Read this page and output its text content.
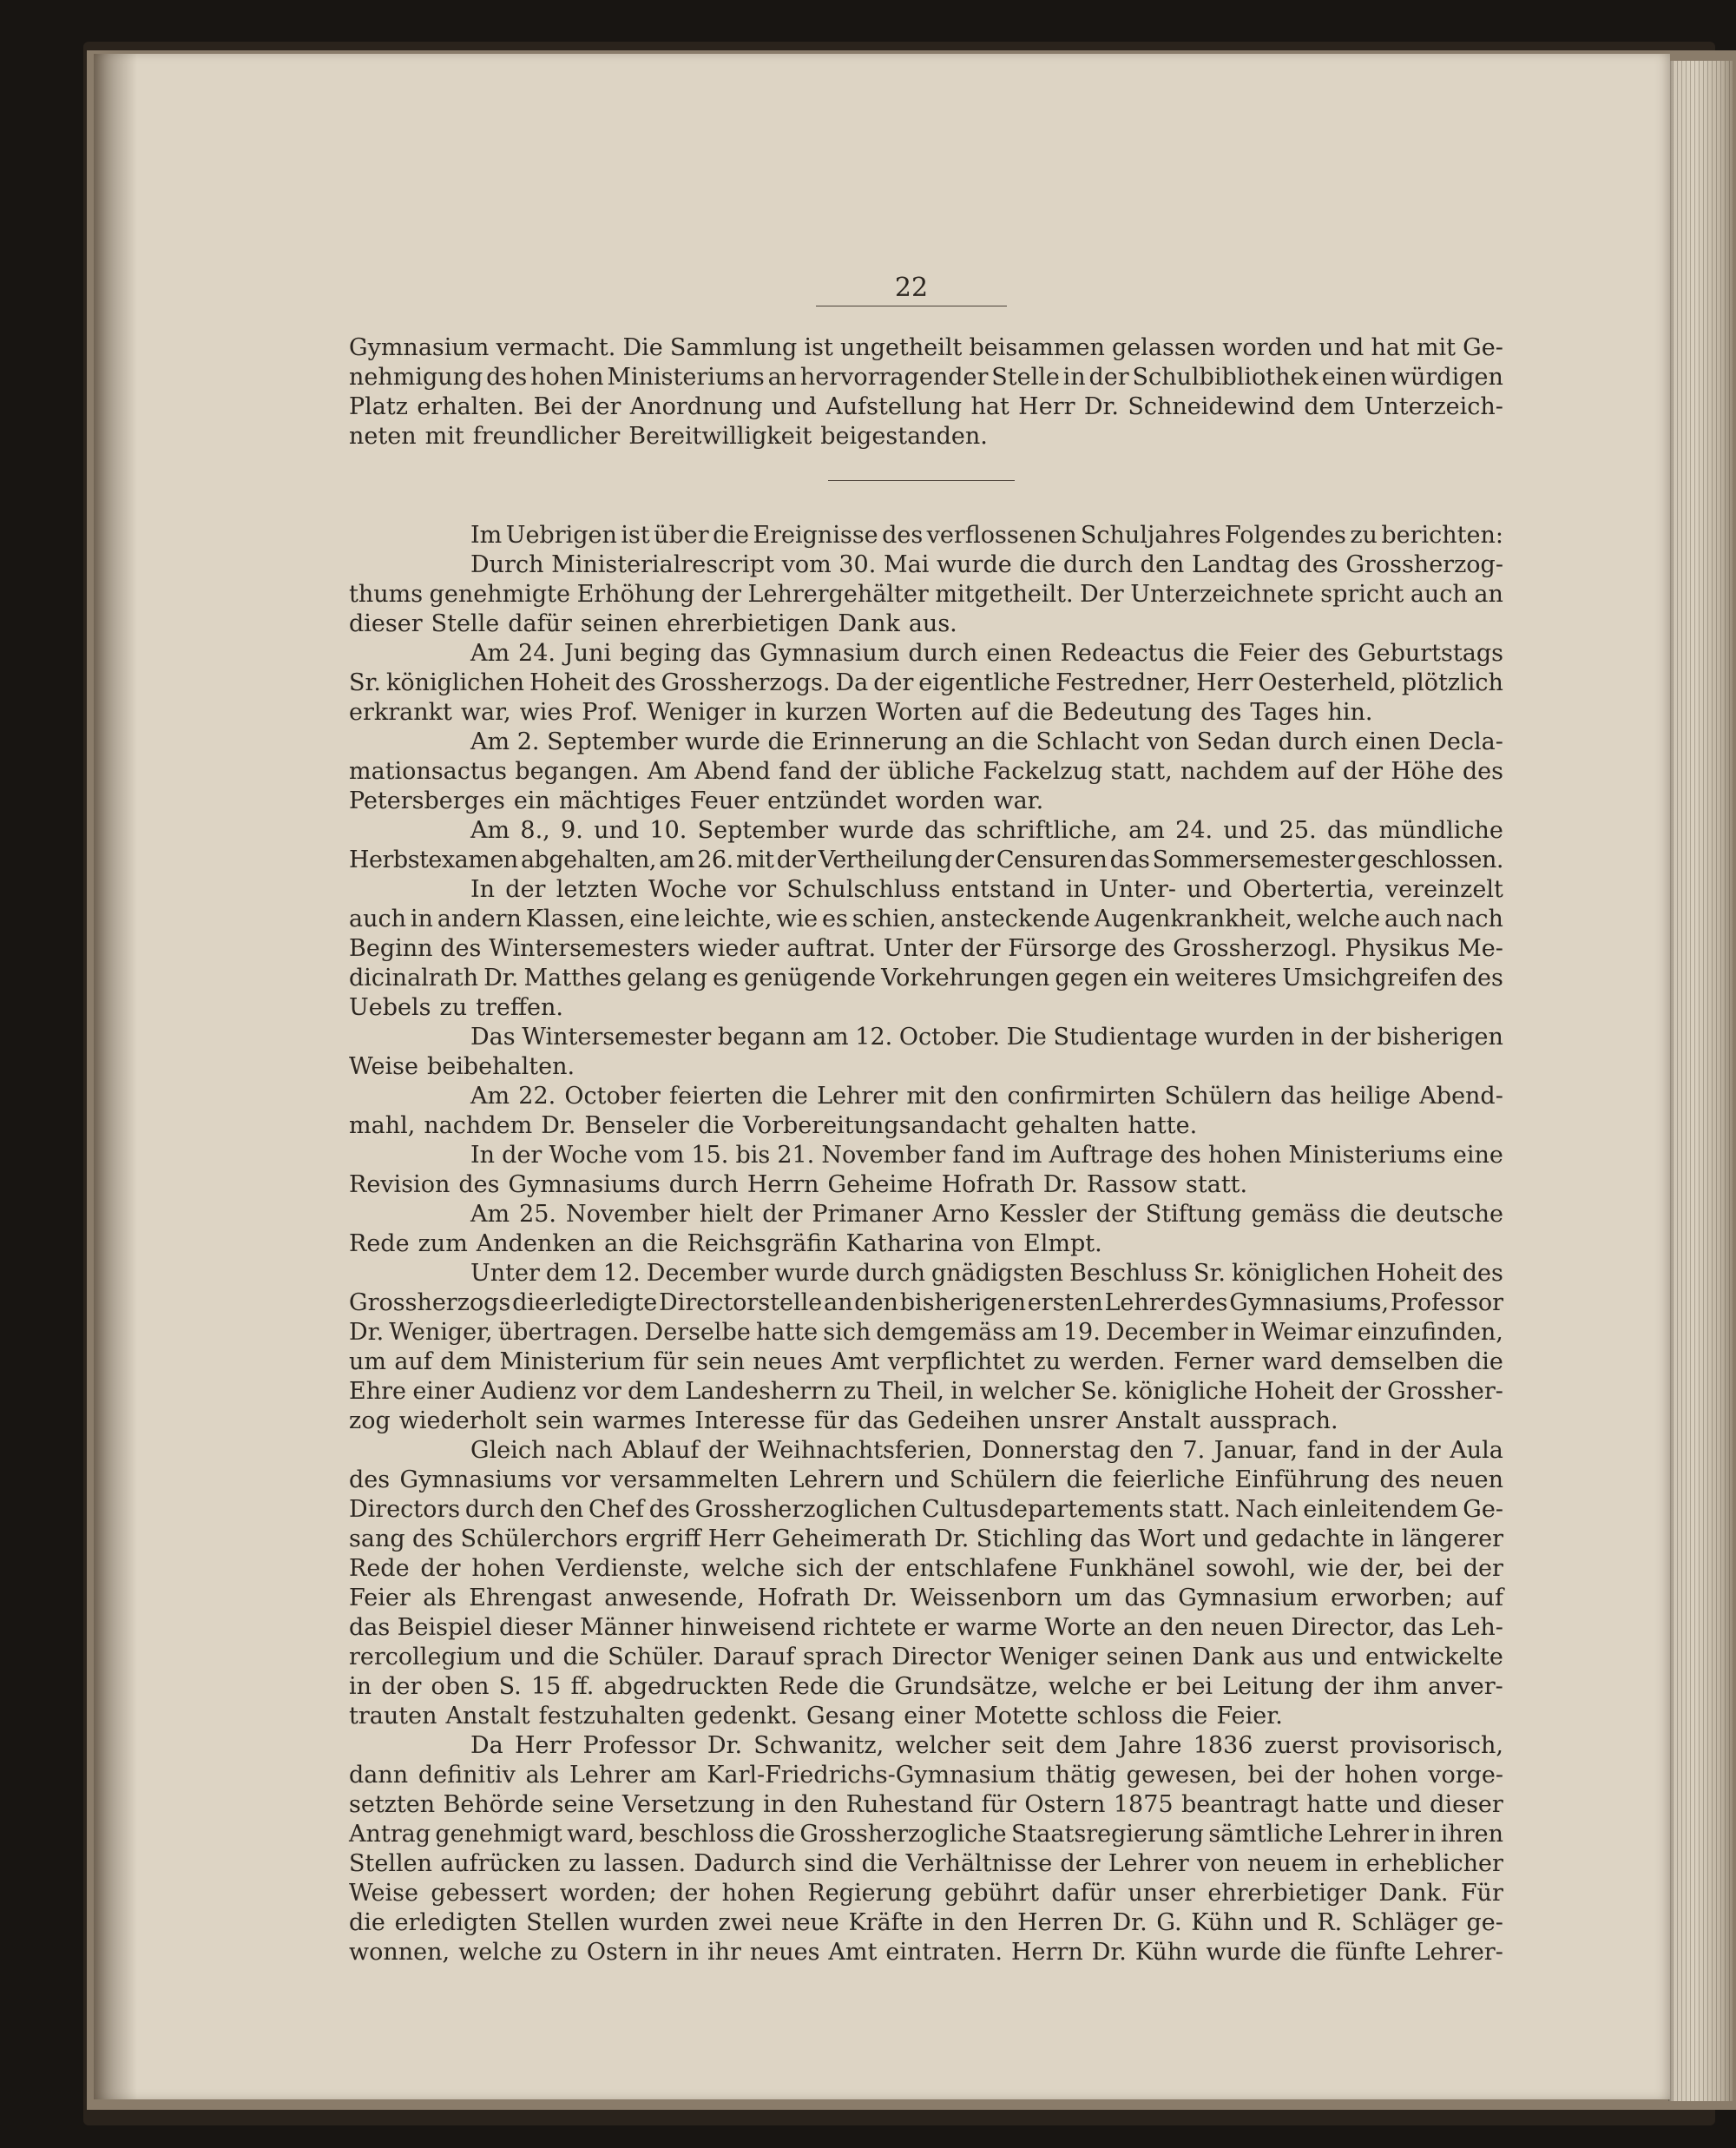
22
Gymnasium vermacht. Die Sammlung ist ungetheilt beisammen gelassen worden und hat mit Ge-
nehmigung des hohen Ministeriums an hervorragender Stelle in der Schulbibliothek einen würdigen
Platz erhalten. Bei der Anordnung und Aufstellung hat Herr Dr. Schneidewind dem Unterzeich-
neten mit freundlicher Bereitwilligkeit beigestanden.
Im Uebrigen ist über die Ereignisse des verflossenen Schuljahres Folgendes zu berichten:
Durch Ministerialrescript vom 30. Mai wurde die durch den Landtag des Grossherzog-
thums genehmigte Erhöhung der Lehrergehälter mitgetheilt. Der Unterzeichnete spricht auch an
dieser Stelle dafür seinen ehrerbietigen Dank aus.
Am 24. Juni beging das Gymnasium durch einen Redeactus die Feier des Geburtstags
Sr. königlichen Hoheit des Grossherzogs. Da der eigentliche Festredner, Herr Oesterheld, plötzlich
erkrankt war, wies Prof. Weniger in kurzen Worten auf die Bedeutung des Tages hin.
Am 2. September wurde die Erinnerung an die Schlacht von Sedan durch einen Decla-
mationsactus begangen. Am Abend fand der übliche Fackelzug statt, nachdem auf der Höhe des
Petersberges ein mächtiges Feuer entzündet worden war.
Am 8., 9. und 10. September wurde das schriftliche, am 24. und 25. das mündliche
Herbstexamen abgehalten, am 26. mit der Vertheilung der Censuren das Sommersemester geschlossen.
In der letzten Woche vor Schulschluss entstand in Unter- und Obertertia, vereinzelt
auch in andern Klassen, eine leichte, wie es schien, ansteckende Augenkrankheit, welche auch nach
Beginn des Wintersemesters wieder auftrat. Unter der Fürsorge des Grossherzogl. Physikus Me-
dicinalrath Dr. Matthes gelang es genügende Vorkehrungen gegen ein weiteres Umsichgreifen des
Uebels zu treffen.
Das Wintersemester begann am 12. October. Die Studientage wurden in der bisherigen
Weise beibehalten.
Am 22. October feierten die Lehrer mit den confirmirten Schülern das heilige Abend-
mahl, nachdem Dr. Benseler die Vorbereitungsandacht gehalten hatte.
In der Woche vom 15. bis 21. November fand im Auftrage des hohen Ministeriums eine
Revision des Gymnasiums durch Herrn Geheime Hofrath Dr. Rassow statt.
Am 25. November hielt der Primaner Arno Kessler der Stiftung gemäss die deutsche
Rede zum Andenken an die Reichsgräfin Katharina von Elmpt.
Unter dem 12. December wurde durch gnädigsten Beschluss Sr. königlichen Hoheit des
Grossherzogs die erledigte Directorstelle an den bisherigen ersten Lehrer des Gymnasiums, Professor
Dr. Weniger, übertragen. Derselbe hatte sich demgemäss am 19. December in Weimar einzufinden,
um auf dem Ministerium für sein neues Amt verpflichtet zu werden. Ferner ward demselben die
Ehre einer Audienz vor dem Landesherrn zu Theil, in welcher Se. königliche Hoheit der Grossher-
zog wiederholt sein warmes Interesse für das Gedeihen unsrer Anstalt aussprach.
Gleich nach Ablauf der Weihnachtsferien, Donnerstag den 7. Januar, fand in der Aula
des Gymnasiums vor versammelten Lehrern und Schülern die feierliche Einführung des neuen
Directors durch den Chef des Grossherzoglichen Cultusdepartements statt. Nach einleitendem Ge-
sang des Schülerchors ergriff Herr Geheimerath Dr. Stichling das Wort und gedachte in längerer
Rede der hohen Verdienste, welche sich der entschlafene Funkhänel sowohl, wie der, bei der
Feier als Ehrengast anwesende, Hofrath Dr. Weissenborn um das Gymnasium erworben; auf
das Beispiel dieser Männer hinweisend richtete er warme Worte an den neuen Director, das Leh-
rercollegium und die Schüler. Darauf sprach Director Weniger seinen Dank aus und entwickelte
in der oben S. 15 ff. abgedruckten Rede die Grundsätze, welche er bei Leitung der ihm anver-
trauten Anstalt festzuhalten gedenkt. Gesang einer Motette schloss die Feier.
Da Herr Professor Dr. Schwanitz, welcher seit dem Jahre 1836 zuerst provisorisch,
dann definitiv als Lehrer am Karl-Friedrichs-Gymnasium thätig gewesen, bei der hohen vorge-
setzten Behörde seine Versetzung in den Ruhestand für Ostern 1875 beantragt hatte und dieser
Antrag genehmigt ward, beschloss die Grossherzogliche Staatsregierung sämtliche Lehrer in ihren
Stellen aufrücken zu lassen. Dadurch sind die Verhältnisse der Lehrer von neuem in erheblicher
Weise gebessert worden; der hohen Regierung gebührt dafür unser ehrerbietiger Dank. Für
die erledigten Stellen wurden zwei neue Kräfte in den Herren Dr. G. Kühn und R. Schläger ge-
wonnen, welche zu Ostern in ihr neues Amt eintraten. Herrn Dr. Kühn wurde die fünfte Lehrer-
